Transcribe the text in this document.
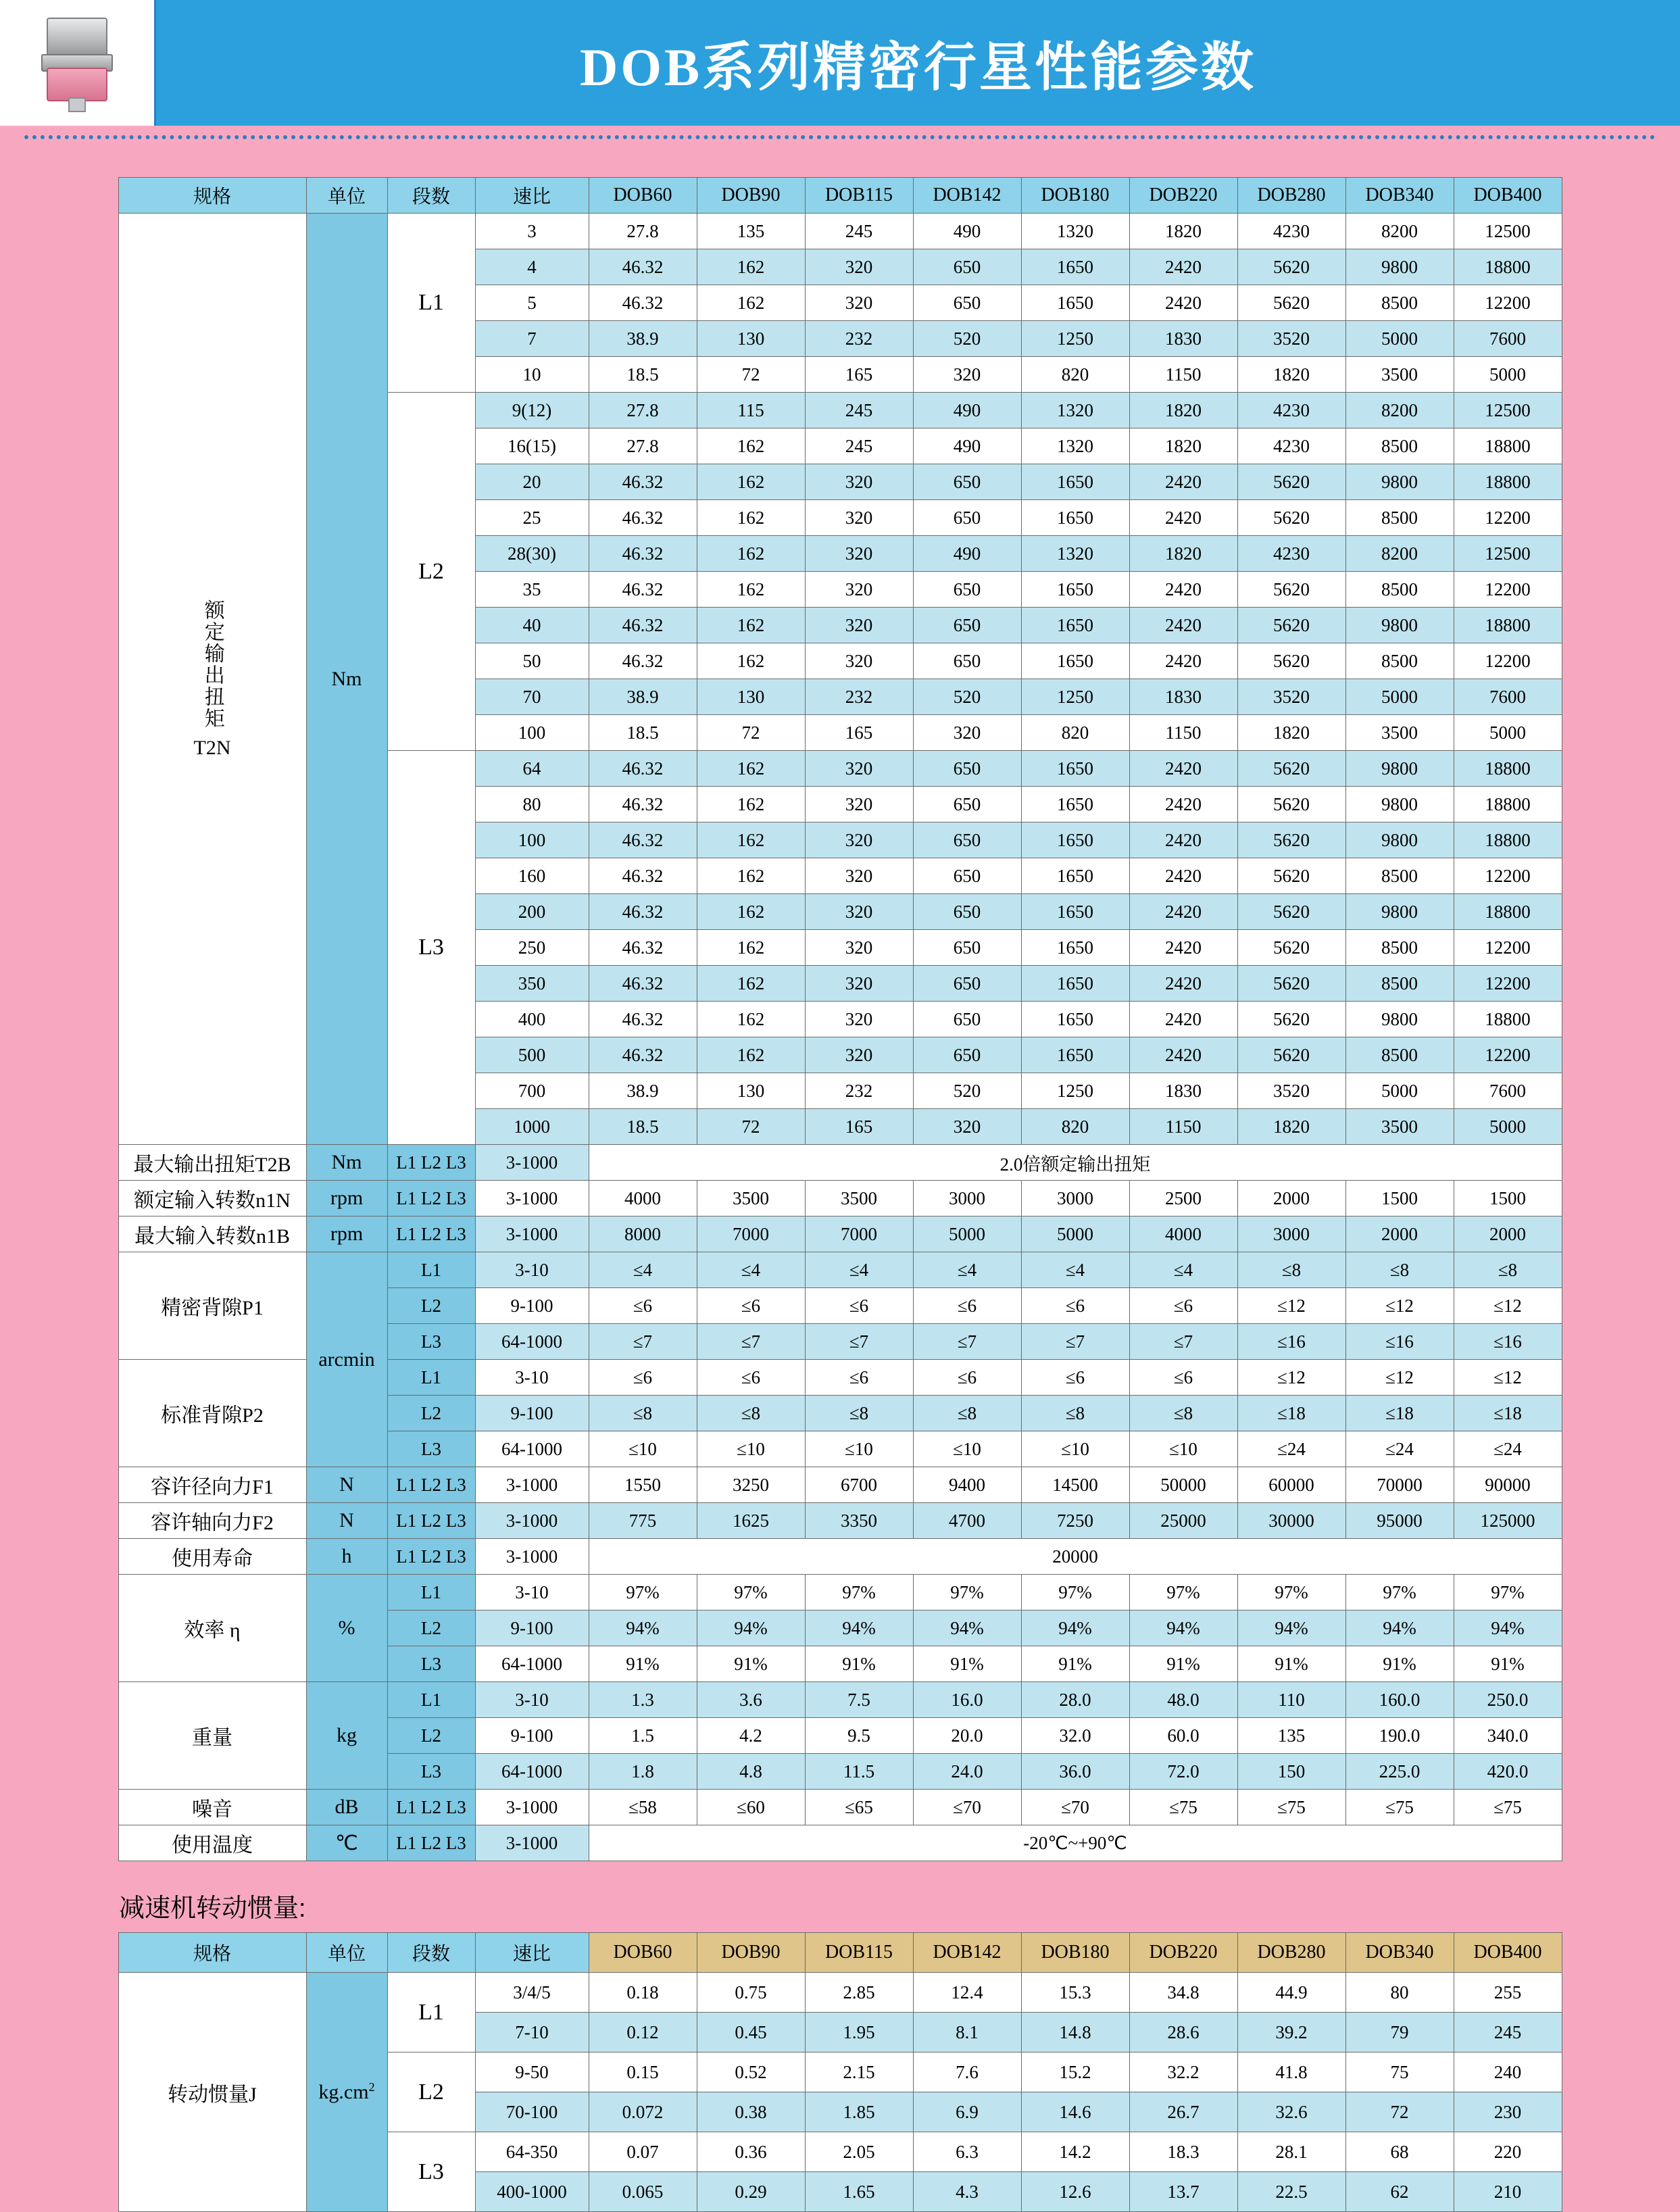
DOB系列精密行星性能参数
规格	单位	段数	速比	DOB60	DOB90	DOB115	DOB142	DOB180	DOB220	DOB280	DOB340	DOB400
额定输出扭矩
T2N	Nm	L1	3	27.8	135	245	490	1320	1820	4230	8200	12500
			4	46.32	162	320	650	1650	2420	5620	9800	18800
			5	46.32	162	320	650	1650	2420	5620	8500	12200
			7	38.9	130	232	520	1250	1830	3520	5000	7600
			10	18.5	72	165	320	820	1150	1820	3500	5000
		L2	9(12)	27.8	115	245	490	1320	1820	4230	8200	12500
			16(15)	27.8	162	245	490	1320	1820	4230	8500	18800
			20	46.32	162	320	650	1650	2420	5620	9800	18800
			25	46.32	162	320	650	1650	2420	5620	8500	12200
			28(30)	46.32	162	320	490	1320	1820	4230	8200	12500
			35	46.32	162	320	650	1650	2420	5620	8500	12200
			40	46.32	162	320	650	1650	2420	5620	9800	18800
			50	46.32	162	320	650	1650	2420	5620	8500	12200
			70	38.9	130	232	520	1250	1830	3520	5000	7600
			100	18.5	72	165	320	820	1150	1820	3500	5000
		L3	64	46.32	162	320	650	1650	2420	5620	9800	18800
			80	46.32	162	320	650	1650	2420	5620	9800	18800
			100	46.32	162	320	650	1650	2420	5620	9800	18800
			160	46.32	162	320	650	1650	2420	5620	8500	12200
			200	46.32	162	320	650	1650	2420	5620	9800	18800
			250	46.32	162	320	650	1650	2420	5620	8500	12200
			350	46.32	162	320	650	1650	2420	5620	8500	12200
			400	46.32	162	320	650	1650	2420	5620	9800	18800
			500	46.32	162	320	650	1650	2420	5620	8500	12200
			700	38.9	130	232	520	1250	1830	3520	5000	7600
			1000	18.5	72	165	320	820	1150	1820	3500	5000
最大输出扭矩T2B	Nm	L1 L2 L3	3-1000	2.0倍额定输出扭矩								
额定输入转数n1N	rpm	L1 L2 L3	3-1000	4000	3500	3500	3000	3000	2500	2000	1500	1500
最大输入转数n1B	rpm	L1 L2 L3	3-1000	8000	7000	7000	5000	5000	4000	3000	2000	2000
精密背隙P1	arcmin	L1	3-10	≤4	≤4	≤4	≤4	≤4	≤4	≤8	≤8	≤8
		L2	9-100	≤6	≤6	≤6	≤6	≤6	≤6	≤12	≤12	≤12
		L3	64-1000	≤7	≤7	≤7	≤7	≤7	≤7	≤16	≤16	≤16
标准背隙P2		L1	3-10	≤6	≤6	≤6	≤6	≤6	≤6	≤12	≤12	≤12
		L2	9-100	≤8	≤8	≤8	≤8	≤8	≤8	≤18	≤18	≤18
		L3	64-1000	≤10	≤10	≤10	≤10	≤10	≤10	≤24	≤24	≤24
容许径向力F1	N	L1 L2 L3	3-1000	1550	3250	6700	9400	14500	50000	60000	70000	90000
容许轴向力F2	N	L1 L2 L3	3-1000	775	1625	3350	4700	7250	25000	30000	95000	125000
使用寿命	h	L1 L2 L3	3-1000	20000								
效率 η	%	L1	3-10	97%	97%	97%	97%	97%	97%	97%	97%	97%
		L2	9-100	94%	94%	94%	94%	94%	94%	94%	94%	94%
		L3	64-1000	91%	91%	91%	91%	91%	91%	91%	91%	91%
重量	kg	L1	3-10	1.3	3.6	7.5	16.0	28.0	48.0	110	160.0	250.0
		L2	9-100	1.5	4.2	9.5	20.0	32.0	60.0	135	190.0	340.0
		L3	64-1000	1.8	4.8	11.5	24.0	36.0	72.0	150	225.0	420.0
噪音	dB	L1 L2 L3	3-1000	≤58	≤60	≤65	≤70	≤70	≤75	≤75	≤75	≤75
使用温度	℃	L1 L2 L3	3-1000	-20℃~+90℃								
减速机转动惯量:
规格	单位	段数	速比	DOB60	DOB90	DOB115	DOB142	DOB180	DOB220	DOB280	DOB340	DOB400
转动惯量J	$kg.cm^2$	L1	3/4/5	0.18	0.75	2.85	12.4	15.3	34.8	44.9	80	255
			7-10	0.12	0.45	1.95	8.1	14.8	28.6	39.2	79	245
		L2	9-50	0.15	0.52	2.15	7.6	15.2	32.2	41.8	75	240
			70-100	0.072	0.38	1.85	6.9	14.6	26.7	32.6	72	230
		L3	64-350	0.07	0.36	2.05	6.3	14.2	18.3	28.1	68	220
			400-1000	0.065	0.29	1.65	4.3	12.6	13.7	22.5	62	210
